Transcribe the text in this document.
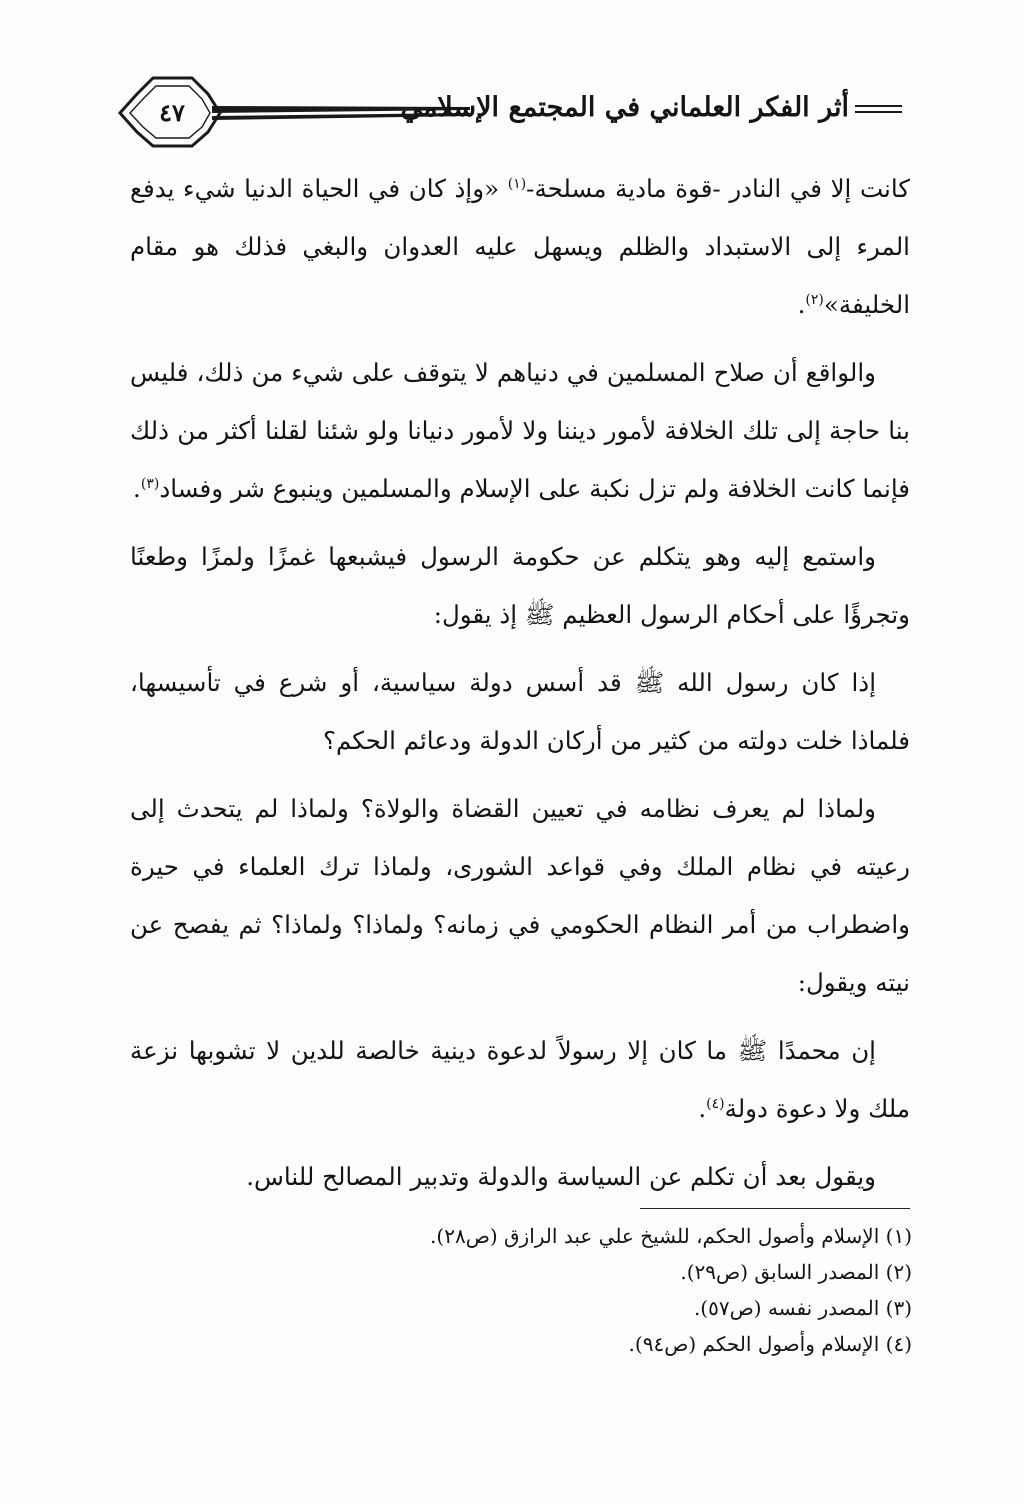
أثر الفكر العلماني في المجتمع الإسلامي
٤٧

كانت إلا في النادر -قوة مادية مسلحة-$^{(١)}$ «وإذ كان في الحياة الدنيا شيء يدفع المرء إلى الاستبداد والظلم ويسهل عليه العدوان والبغي فذلك هو مقام الخليفة»$^{(٢)}$.

والواقع أن صلاح المسلمين في دنياهم لا يتوقف على شيء من ذلك، فليس بنا حاجة إلى تلك الخلافة لأمور ديننا ولا لأمور دنيانا ولو شئنا لقلنا أكثر من ذلك فإنما كانت الخلافة ولم تزل نكبة على الإسلام والمسلمين وينبوع شر وفساد$^{(٣)}$.

واستمع إليه وهو يتكلم عن حكومة الرسول فيشبعها غمزًا ولمزًا وطعنًا وتجرؤًا على أحكام الرسول العظيم ﷺ إذ يقول:

إذا كان رسول الله ﷺ قد أسس دولة سياسية، أو شرع في تأسيسها، فلماذا خلت دولته من كثير من أركان الدولة ودعائم الحكم؟

ولماذا لم يعرف نظامه في تعيين القضاة والولاة؟ ولماذا لم يتحدث إلى رعيته في نظام الملك وفي قواعد الشورى، ولماذا ترك العلماء في حيرة واضطراب من أمر النظام الحكومي في زمانه؟ ولماذا؟ ولماذا؟ ثم يفصح عن نيته ويقول:

إن محمدًا ﷺ ما كان إلا رسولاً لدعوة دينية خالصة للدين لا تشوبها نزعة ملك ولا دعوة دولة$^{(٤)}$.

ويقول بعد أن تكلم عن السياسة والدولة وتدبير المصالح للناس.

(١) الإسلام وأصول الحكم، للشيخ علي عبد الرازق (ص٢٨).
(٢) المصدر السابق (ص٢٩).
(٣) المصدر نفسه (ص٥٧).
(٤) الإسلام وأصول الحكم (ص٩٤).
